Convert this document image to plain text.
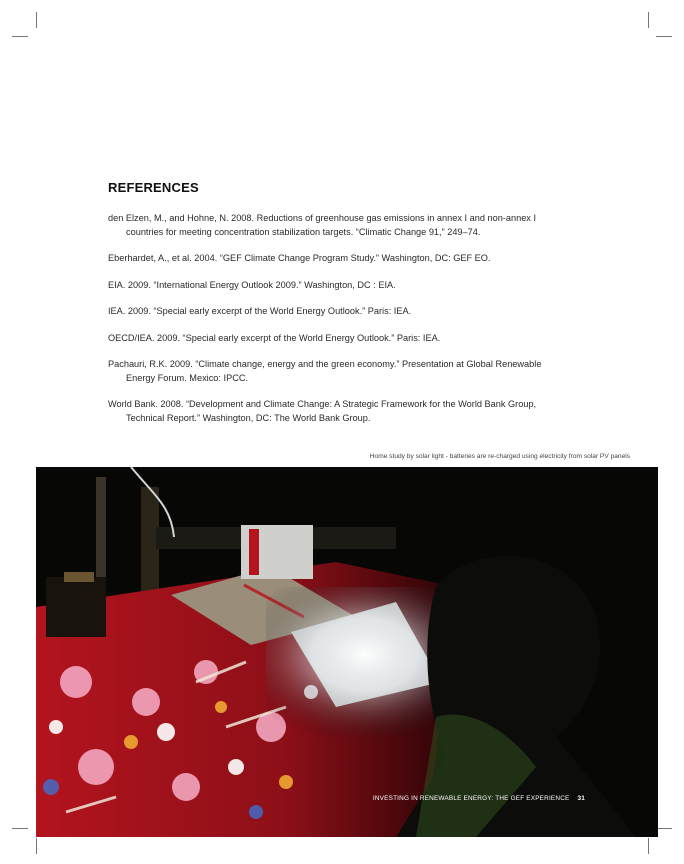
REFERENCES

den Elzen, M., and Hohne, N. 2008. Reductions of greenhouse gas emissions in annex I and non-annex I countries for meeting concentration stabilization targets. “Climatic Change 91,” 249–74.

Eberhardet, A., et al. 2004. “GEF Climate Change Program Study.” Washington, DC: GEF EO.

EIA. 2009. “International Energy Outlook 2009.” Washington, DC : EIA.

IEA. 2009. “Special early excerpt of the World Energy Outlook.” Paris: IEA.

OECD/IEA. 2009. “Special early excerpt of the World Energy Outlook.” Paris: IEA.

Pachauri, R.K. 2009. “Climate change, energy and the green economy.” Presentation at Global Renewable Energy Forum. Mexico: IPCC.

World Bank. 2008. “Development and Climate Change: A Strategic Framework for the World Bank Group, Technical Report.” Washington, DC: The World Bank Group.

Home study by solar light - batteries are re-charged using electricity from solar PV panels
INVESTING IN RENEWABLE ENERGY: THE GEF EXPERIENCE 31
